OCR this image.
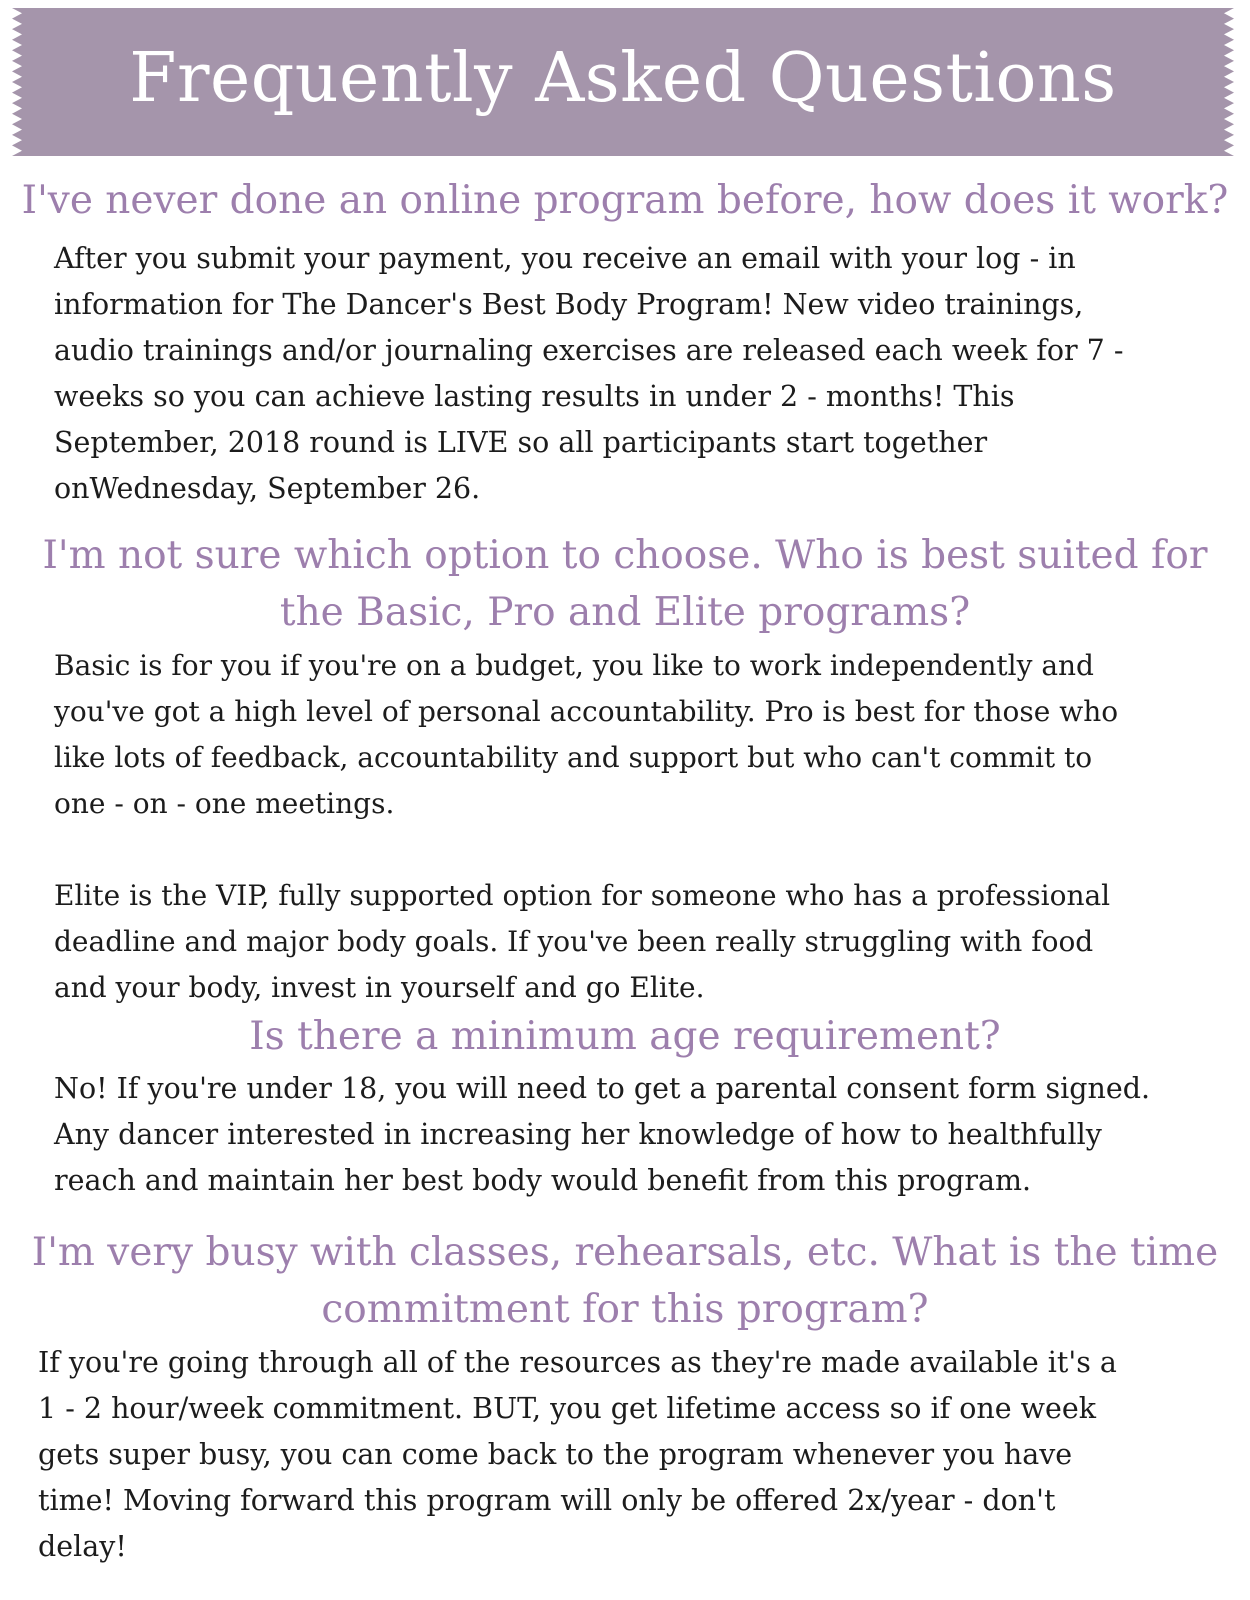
Frequently Asked Questions
I've never done an online program before, how does it work?

After you submit your payment, you receive an email with your log - in
information for The Dancer's Best Body Program! New video trainings,
audio trainings and/or journaling exercises are released each week for 7 -
weeks so you can achieve lasting results in under 2 - months! This
September, 2018 round is LIVE so all participants start together
onWednesday, September 26.

I'm not sure which option to choose. Who is best suited for
the Basic, Pro and Elite programs?

Basic is for you if you're on a budget, you like to work independently and
you've got a high level of personal accountability. Pro is best for those who
like lots of feedback, accountability and support but who can't commit to
one - on - one meetings.

Elite is the VIP, fully supported option for someone who has a professional
deadline and major body goals. If you've been really struggling with food
and your body, invest in yourself and go Elite.

Is there a minimum age requirement?

No! If you're under 18, you will need to get a parental consent form signed.
Any dancer interested in increasing her knowledge of how to healthfully
reach and maintain her best body would benefit from this program.

I'm very busy with classes, rehearsals, etc. What is the time
commitment for this program?

If you're going through all of the resources as they're made available it's a
1 - 2 hour/week commitment. BUT, you get lifetime access so if one week
gets super busy, you can come back to the program whenever you have
time! Moving forward this program will only be offered 2x/year - don't
delay!
